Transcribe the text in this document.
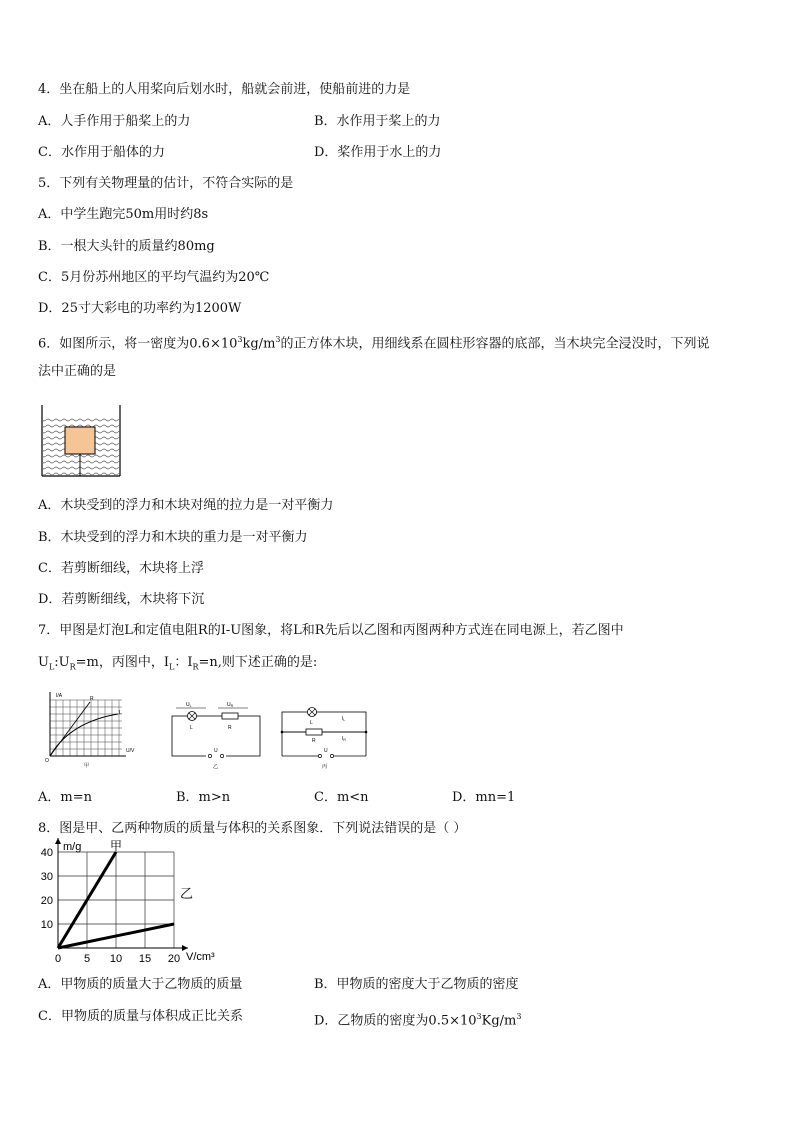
4．坐在船上的人用桨向后划水时，船就会前进，使船前进的力是
A．人手作用于船桨上的力	B．水作用于桨上的力
C．水作用于船体的力	D．桨作用于水上的力
5．下列有关物理量的估计，不符合实际的是
A．中学生跑完50m用时约8s
B．一根大头针的质量约80mg
C．5月份苏州地区的平均气温约为20℃
D．25寸大彩电的功率约为1200W
6．如图所示，将一密度为$0.6\times 10^3kg/m^3$的正方体木块，用细线系在圆柱形容器的底部，当木块完全浸没时，下列说
法中正确的是
A．木块受到的浮力和木块对绳的拉力是一对平衡力
B．木块受到的浮力和木块的重力是一对平衡力
C．若剪断细线，木块将上浮
D．若剪断细线，木块将下沉
7．甲图是灯泡L和定值电阻R的I-U图象，将L和R先后以乙图和丙图两种方式连在同电源上，若乙图中
$U_L:U_R=m$，丙图中，$I_L$：$I_R=n$,则下述正确的是:
I/A
U/V
O
R
L
甲
$U_L$	$U_R$
L	R
U
乙
L
R
$I_L$
$I_R$
U
丙
A．m=n	B．m>n	C．m<n	D．mn=1
8．图是甲、乙两种物质的质量与体积的关系图象．下列说法错误的是（ ）
0 5 10 15 20
10
20
30
40 m/g
V/cm³
甲
乙
A．甲物质的质量大于乙物质的质量	B．甲物质的密度大于乙物质的密度
C．甲物质的质量与体积成正比关系	D．乙物质的密度为$0.5\times 10^3Kg/m^3$
